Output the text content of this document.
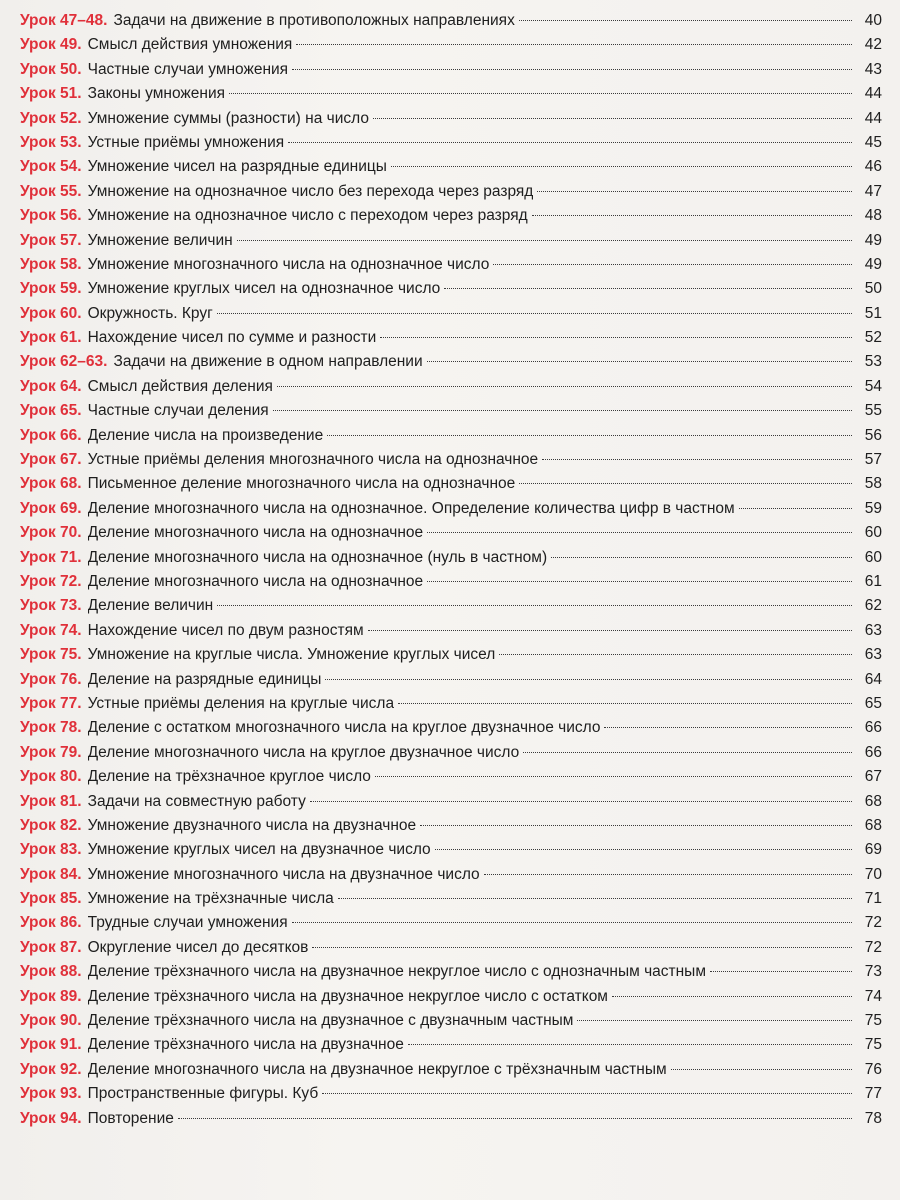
Урок 47–48. Задачи на движение в противоположных направлениях	40
Урок 49. Смысл действия умножения	42
Урок 50. Частные случаи умножения	43
Урок 51. Законы умножения	44
Урок 52. Умножение суммы (разности) на число	44
Урок 53. Устные приёмы умножения	45
Урок 54. Умножение чисел на разрядные единицы	46
Урок 55. Умножение на однозначное число без перехода через разряд	47
Урок 56. Умножение на однозначное число с переходом через разряд	48
Урок 57. Умножение величин	49
Урок 58. Умножение многозначного числа на однозначное число	49
Урок 59. Умножение круглых чисел на однозначное число	50
Урок 60. Окружность. Круг	51
Урок 61. Нахождение чисел по сумме и разности	52
Урок 62–63. Задачи на движение в одном направлении	53
Урок 64. Смысл действия деления	54
Урок 65. Частные случаи деления	55
Урок 66. Деление числа на произведение	56
Урок 67. Устные приёмы деления многозначного числа на однозначное	57
Урок 68. Письменное деление многозначного числа на однозначное	58
Урок 69. Деление многозначного числа на однозначное. Определение количества цифр в частном	59
Урок 70. Деление многозначного числа на однозначное	60
Урок 71. Деление многозначного числа на однозначное (нуль в частном)	60
Урок 72. Деление многозначного числа на однозначное	61
Урок 73. Деление величин	62
Урок 74. Нахождение чисел по двум разностям	63
Урок 75. Умножение на круглые числа. Умножение круглых чисел	63
Урок 76. Деление на разрядные единицы	64
Урок 77. Устные приёмы деления на круглые числа	65
Урок 78. Деление с остатком многозначного числа на круглое двузначное число	66
Урок 79. Деление многозначного числа на круглое двузначное число	66
Урок 80. Деление на трёхзначное круглое число	67
Урок 81. Задачи на совместную работу	68
Урок 82. Умножение двузначного числа на двузначное	68
Урок 83. Умножение круглых чисел на двузначное число	69
Урок 84. Умножение многозначного числа на двузначное число	70
Урок 85. Умножение на трёхзначные числа	71
Урок 86. Трудные случаи умножения	72
Урок 87. Округление чисел до десятков	72
Урок 88. Деление трёхзначного числа на двузначное некруглое число с однозначным частным	73
Урок 89. Деление трёхзначного числа на двузначное некруглое число с остатком	74
Урок 90. Деление трёхзначного числа на двузначное с двузначным частным	75
Урок 91. Деление трёхзначного числа на двузначное	75
Урок 92. Деление многозначного числа на двузначное некруглое с трёхзначным частным	76
Урок 93. Пространственные фигуры. Куб	77
Урок 94. Повторение	78
